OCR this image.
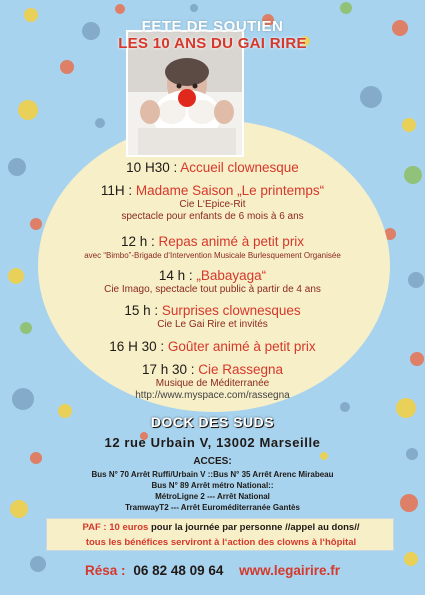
FETE DE SOUTIEN
LES 10 ANS DU GAI RIRE
10 H30 : Accueil clownesque
11H : Madame Saison „Le printemps“
Cie L‘Epice-Rit
spectacle pour enfants de 6 mois à 6 ans
12 h : Repas animé à petit prix
avec “Bimbo”-Brigade d‘Intervention Musicale Burlesquement Organisée
14 h : „Babayaga“
Cie Imago, spectacle tout public à partir de 4 ans
15 h : Surprises clownesques
Cie Le Gai Rire et invités
16 H 30 : Goûter animé à petit prix
17 h 30 : Cie Rassegna
Musique de Méditerranée
http://www.myspace.com/rassegna
DOCK DES SUDS
12 rue Urbain V, 13002 Marseille
ACCES:
Bus N° 70 Arrêt Ruffi/Urbain V ::Bus N° 35 Arrêt Arenc Mirabeau
Bus N° 89 Arrêt métro National::
MétroLigne 2 --- Arrêt National
TramwayT2 --- Arrêt Euroméditerranée Gantès
PAF : 10 euros pour la journée par personne //appel au dons//
tous les bénéfices serviront à l‘action des clowns à l‘hôpital
Résa : 06 82 48 09 64 www.legairire.fr
